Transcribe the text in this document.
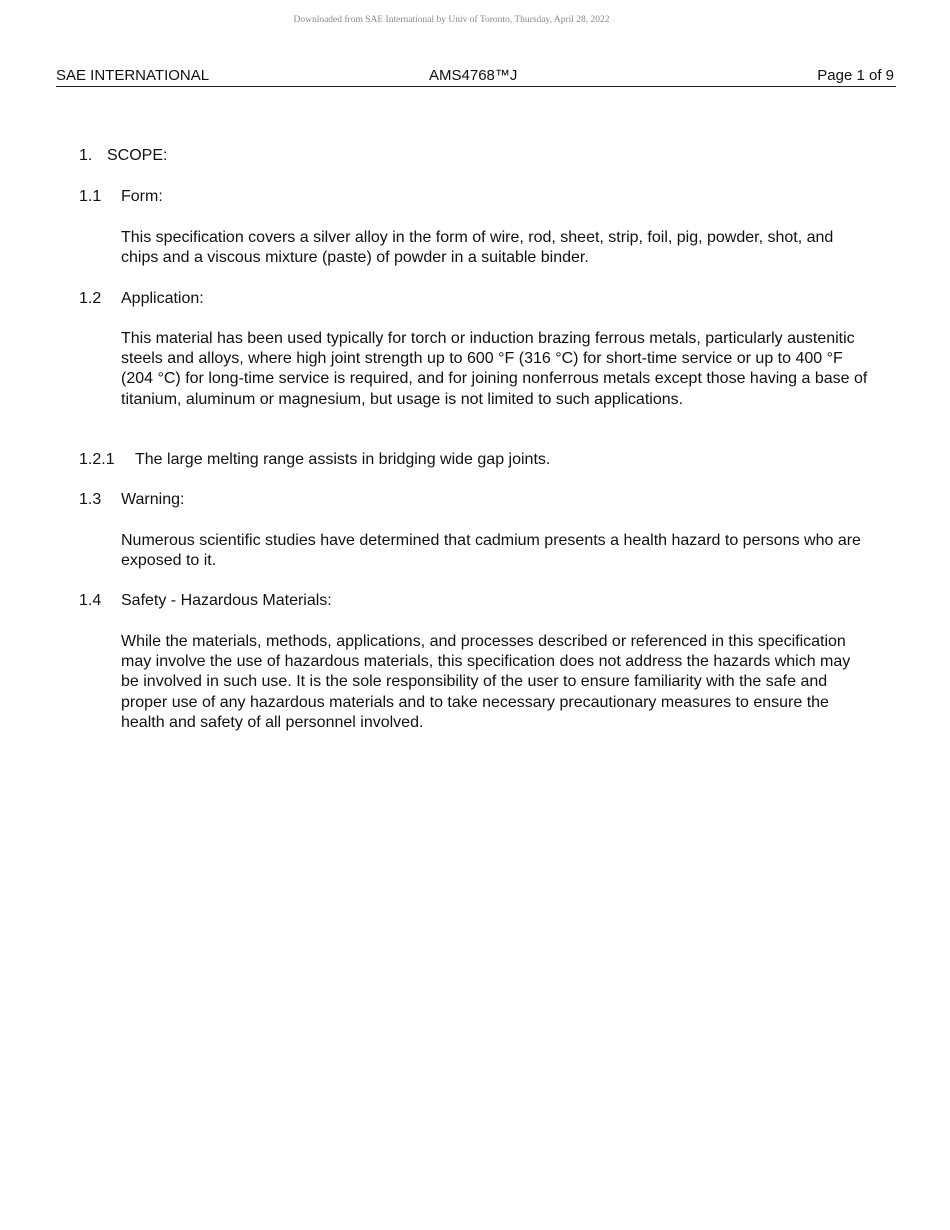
Downloaded from SAE International by Univ of Toronto, Thursday, April 28, 2022
SAE INTERNATIONAL	AMS4768™J	Page 1 of 9
1. SCOPE:
1.1 Form:
This specification covers a silver alloy in the form of wire, rod, sheet, strip, foil, pig, powder, shot, and chips and a viscous mixture (paste) of powder in a suitable binder.
1.2 Application:
This material has been used typically for torch or induction brazing ferrous metals, particularly austenitic steels and alloys, where high joint strength up to 600 °F (316 °C) for short-time service or up to 400 °F (204 °C) for long-time service is required, and for joining nonferrous metals except those having a base of titanium, aluminum or magnesium, but usage is not limited to such applications.
1.2.1 The large melting range assists in bridging wide gap joints.
1.3 Warning:
Numerous scientific studies have determined that cadmium presents a health hazard to persons who are exposed to it.
1.4 Safety - Hazardous Materials:
While the materials, methods, applications, and processes described or referenced in this specification may involve the use of hazardous materials, this specification does not address the hazards which may be involved in such use. It is the sole responsibility of the user to ensure familiarity with the safe and proper use of any hazardous materials and to take necessary precautionary measures to ensure the health and safety of all personnel involved.
